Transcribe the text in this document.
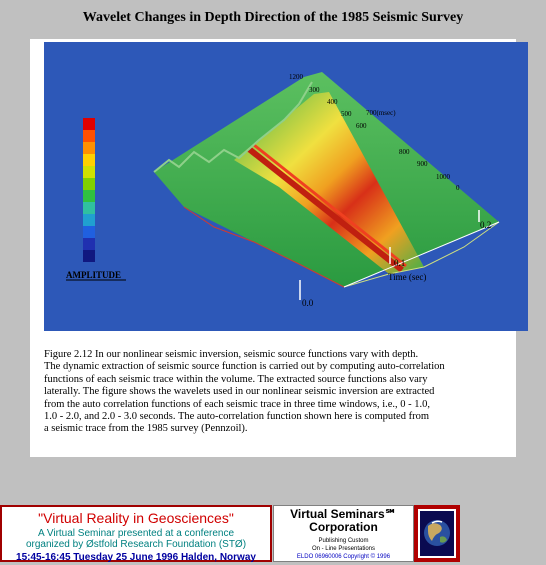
Wavelet Changes in Depth Direction of the 1985 Seismic Survey
AMPLITUDE
0.0
0.1
0.2
Time (sec)
1200
300
400
500
600
700(msec)
800
900
1000
0

Figure 2.12 In our nonlinear seismic inversion, seismic source functions vary with depth.

The dynamic extraction of seismic source function is carried out by computing auto-correlation

functions of each seismic trace within the volume. The extracted source functions also vary

laterally. The figure shows the wavelets used in our nonlinear seismic inversion are extracted

from the auto correlation functions of each seismic trace in three time windows, i.e., 0 - 1.0,

1.0 - 2.0, and 2.0 - 3.0 seconds. The auto-correlation function shown here is computed from

a seismic trace from the 1985 survey (Pennzoil).

"Virtual Reality in Geosciences"
A Virtual Seminar presented at a conference
organized by Østfold Research Foundation (STØ)
15:45-16:45 Tuesday 25 June 1996 Halden, Norway
Virtual Seminars℠
Corporation
Publishing Custom
On - Line Presentations
ELDO 06960006 Copyright © 1996
